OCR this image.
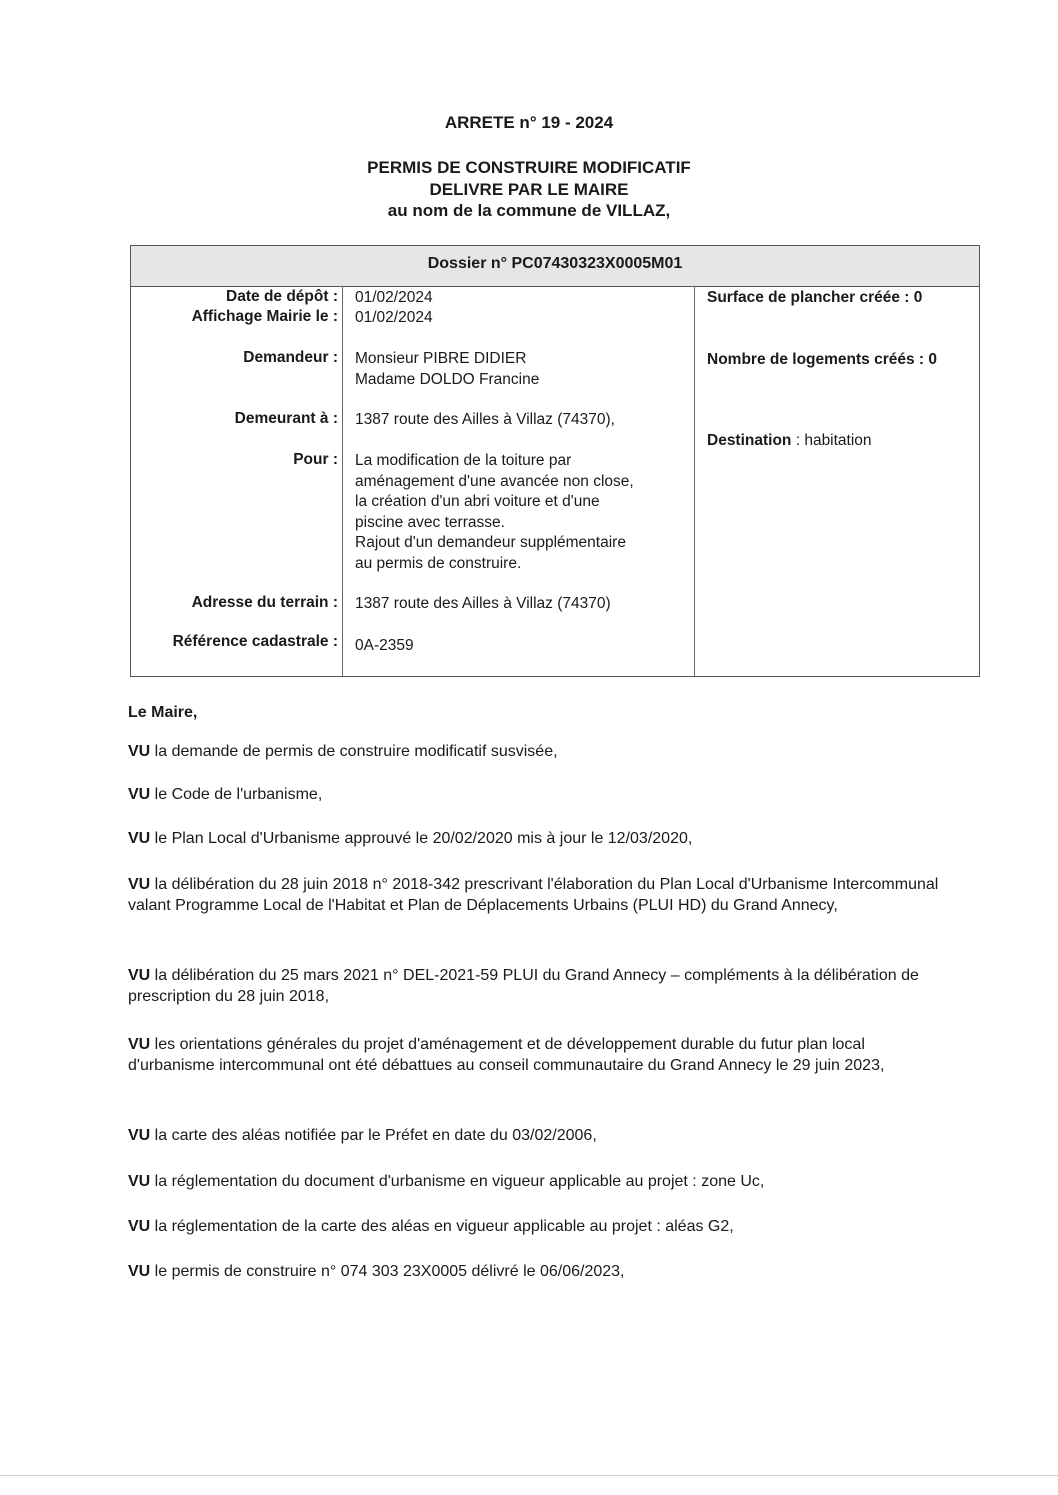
ARRETE n° 19 - 2024
PERMIS DE CONSTRUIRE MODIFICATIF
DELIVRE PAR LE MAIRE
au nom de la commune de VILLAZ,
Dossier n° PC07430323X0005M01
Date de dépôt : 01/02/2024
Affichage Mairie le : 01/02/2024
Demandeur : Monsieur PIBRE DIDIER
Madame DOLDO Francine
Demeurant à : 1387 route des Ailles à Villaz (74370),
Pour : La modification de la toiture par
aménagement d'une avancée non close,
la création d'un abri voiture et d'une
piscine avec terrasse.
Rajout d'un demandeur supplémentaire
au permis de construire.
Adresse du terrain : 1387 route des Ailles à Villaz (74370)
Référence cadastrale : 0A-2359
Surface de plancher créée : 0
Nombre de logements créés : 0
Destination : habitation
Le Maire,
VU la demande de permis de construire modificatif susvisée,
VU le Code de l'urbanisme,
VU le Plan Local d'Urbanisme approuvé le 20/02/2020 mis à jour le 12/03/2020,
VU la délibération du 28 juin 2018 n° 2018-342 prescrivant l'élaboration du Plan Local d'Urbanisme Intercommunal valant Programme Local de l'Habitat et Plan de Déplacements Urbains (PLUI HD) du Grand Annecy,
VU la délibération du 25 mars 2021 n° DEL-2021-59 PLUI du Grand Annecy – compléments à la délibération de prescription du 28 juin 2018,
VU les orientations générales du projet d'aménagement et de développement durable du futur plan local d'urbanisme intercommunal ont été débattues au conseil communautaire du Grand Annecy le 29 juin 2023,
VU la carte des aléas notifiée par le Préfet en date du 03/02/2006,
VU la réglementation du document d'urbanisme en vigueur applicable au projet : zone Uc,
VU la réglementation de la carte des aléas en vigueur applicable au projet : aléas G2,
VU le permis de construire n° 074 303 23X0005 délivré le 06/06/2023,
